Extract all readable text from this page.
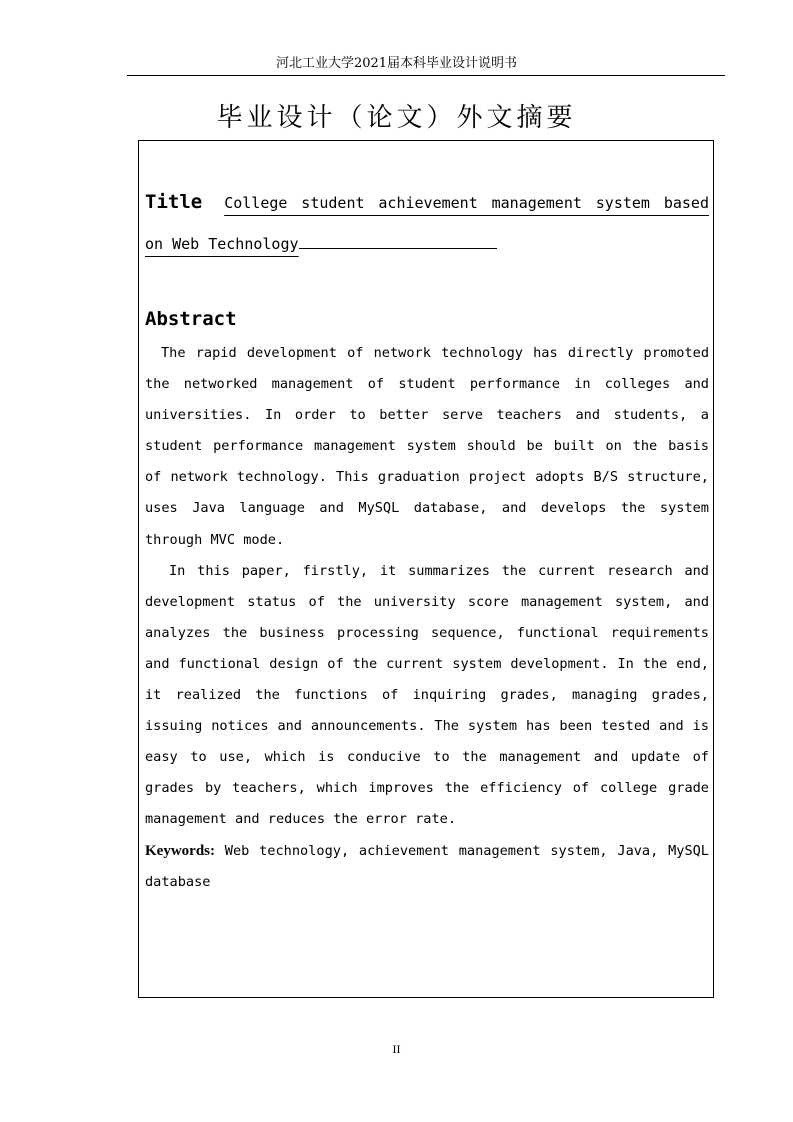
河北工业大学2021届本科毕业设计说明书
毕业设计（论文）外文摘要
Title College student achievement management system based on Web Technology
Abstract

The rapid development of network technology has directly promoted the networked management of student performance in colleges and universities. In order to better serve teachers and students, a student performance management system should be built on the basis of network technology. This graduation project adopts B/S structure, uses Java language and MySQL database, and develops the system through MVC mode.

In this paper, firstly, it summarizes the current research and development status of the university score management system, and analyzes the business processing sequence, functional requirements and functional design of the current system development. In the end, it realized the functions of inquiring grades, managing grades, issuing notices and announcements. The system has been tested and is easy to use, which is conducive to the management and update of grades by teachers, which improves the efficiency of college grade management and reduces the error rate.

Keywords: Web technology, achievement management system, Java, MySQL database

II
